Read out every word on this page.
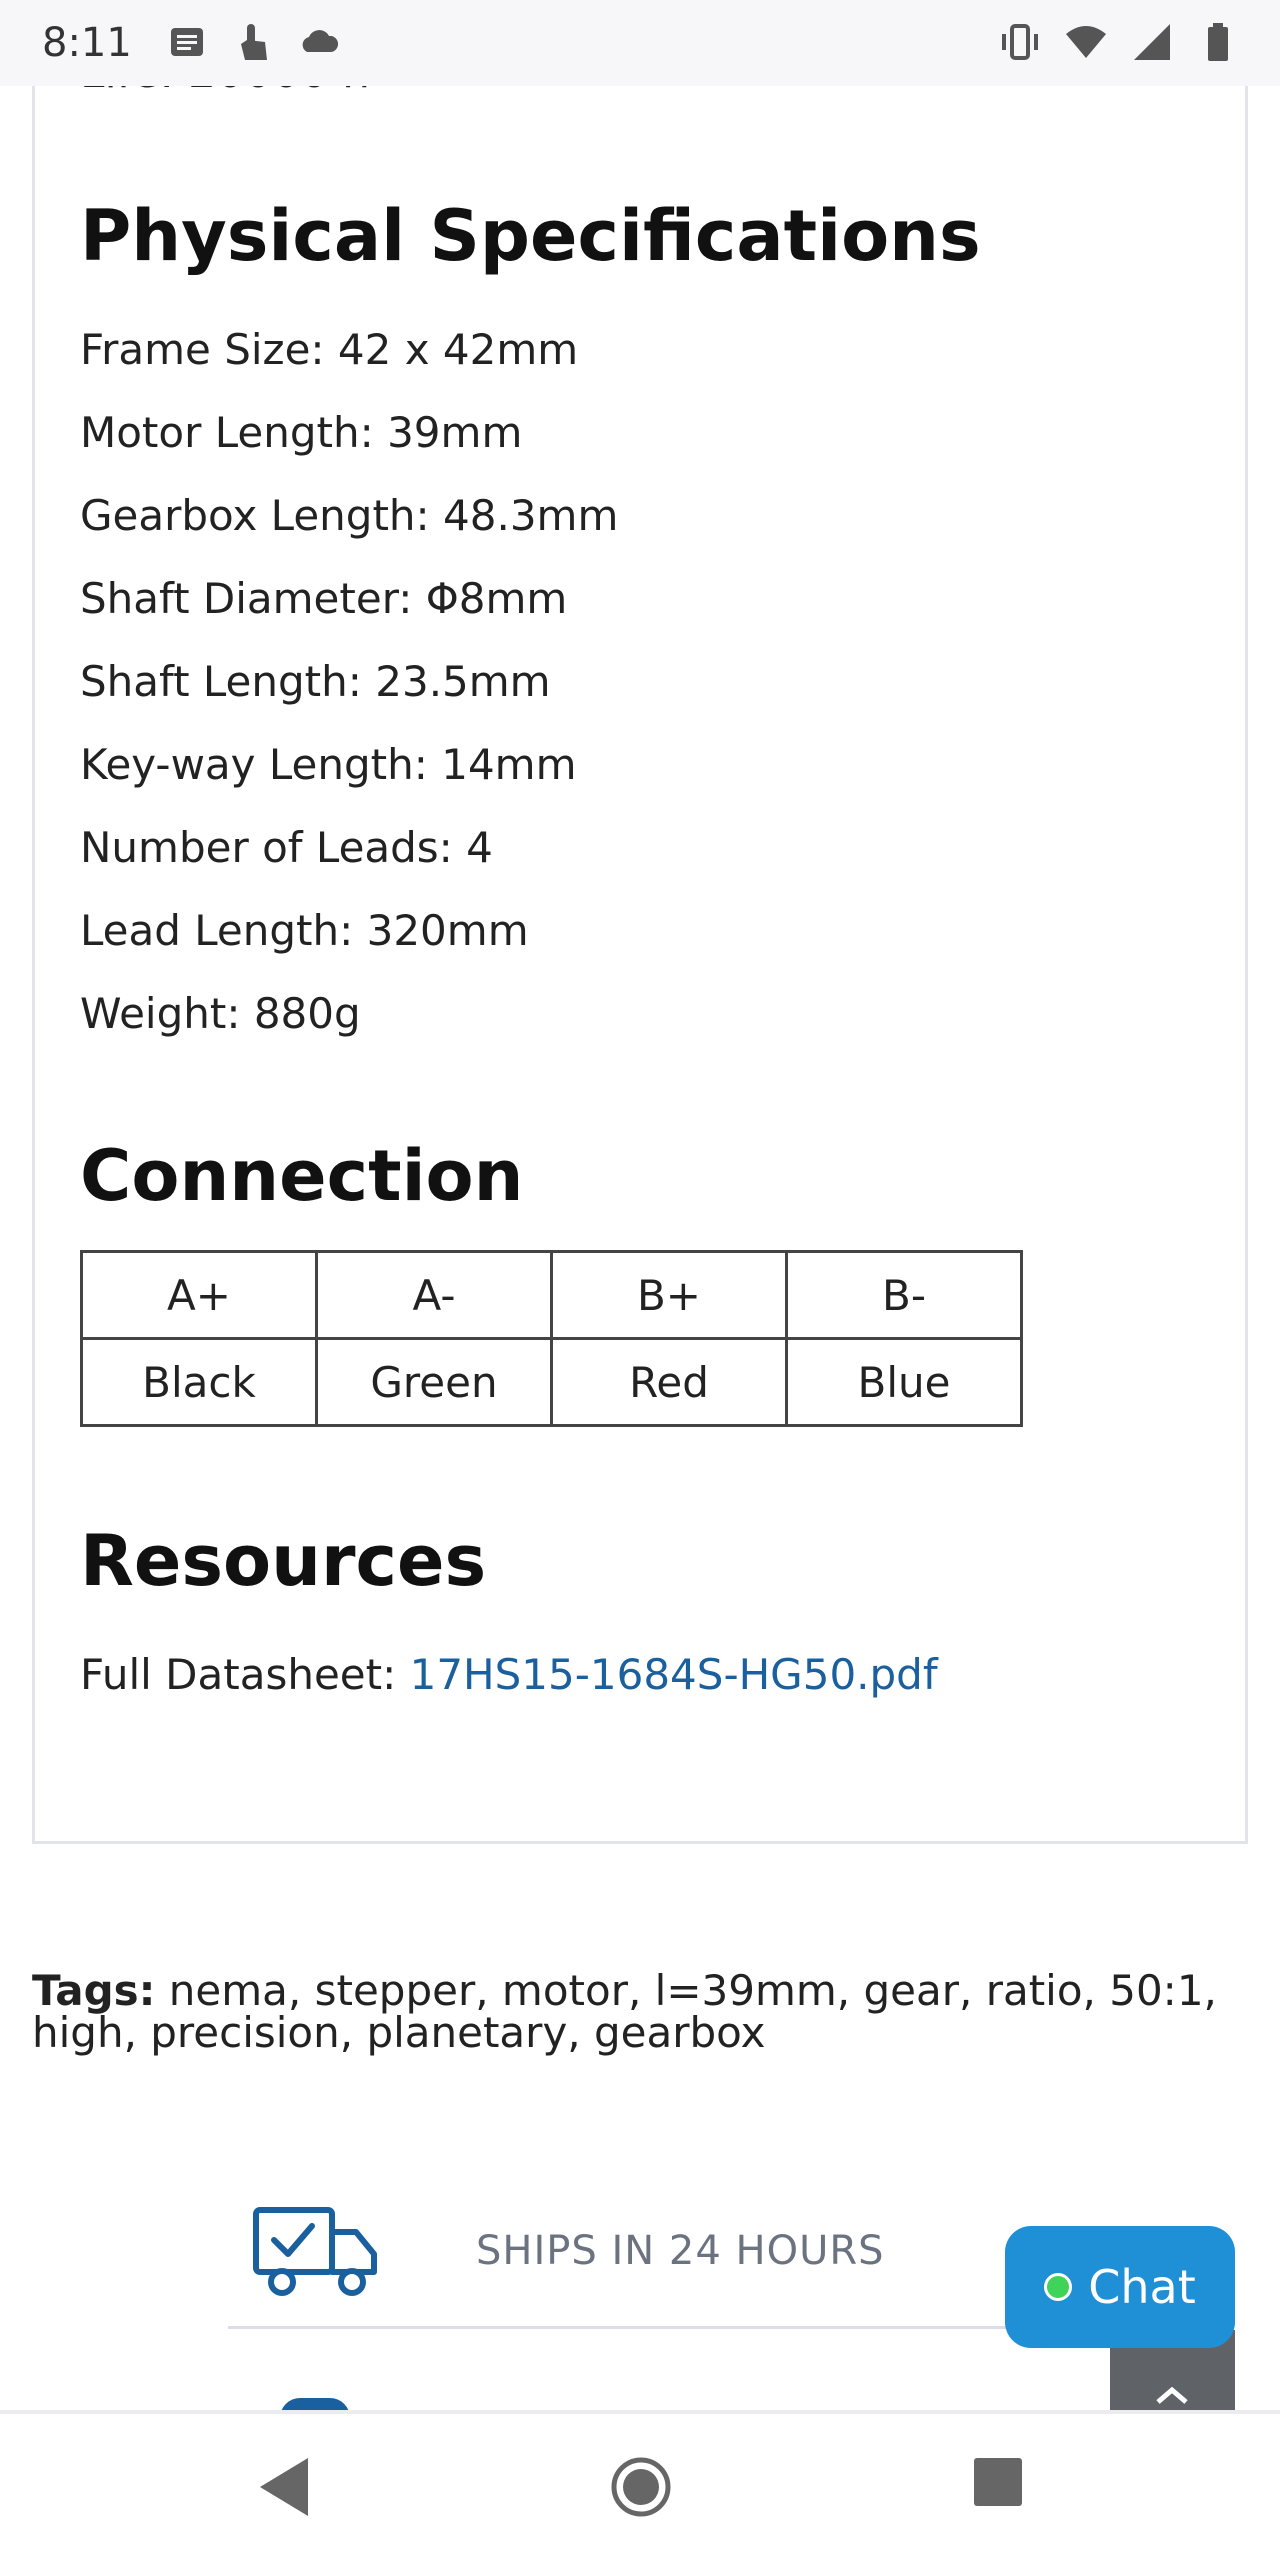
8:11
Physical Specifications
Frame Size: 42 x 42mm
Motor Length: 39mm
Gearbox Length: 48.3mm
Shaft Diameter: Φ8mm
Shaft Length: 23.5mm
Key-way Length: 14mm
Number of Leads: 4
Lead Length: 320mm
Weight: 880g
Connection
A+	A-	B+	B-
Black	Green	Red	Blue
Resources
Full Datasheet: 17HS15-1684S-HG50.pdf
Tags: nema, stepper, motor, l=39mm, gear, ratio, 50:1, high, precision, planetary, gearbox
SHIPS IN 24 HOURS
Chat
